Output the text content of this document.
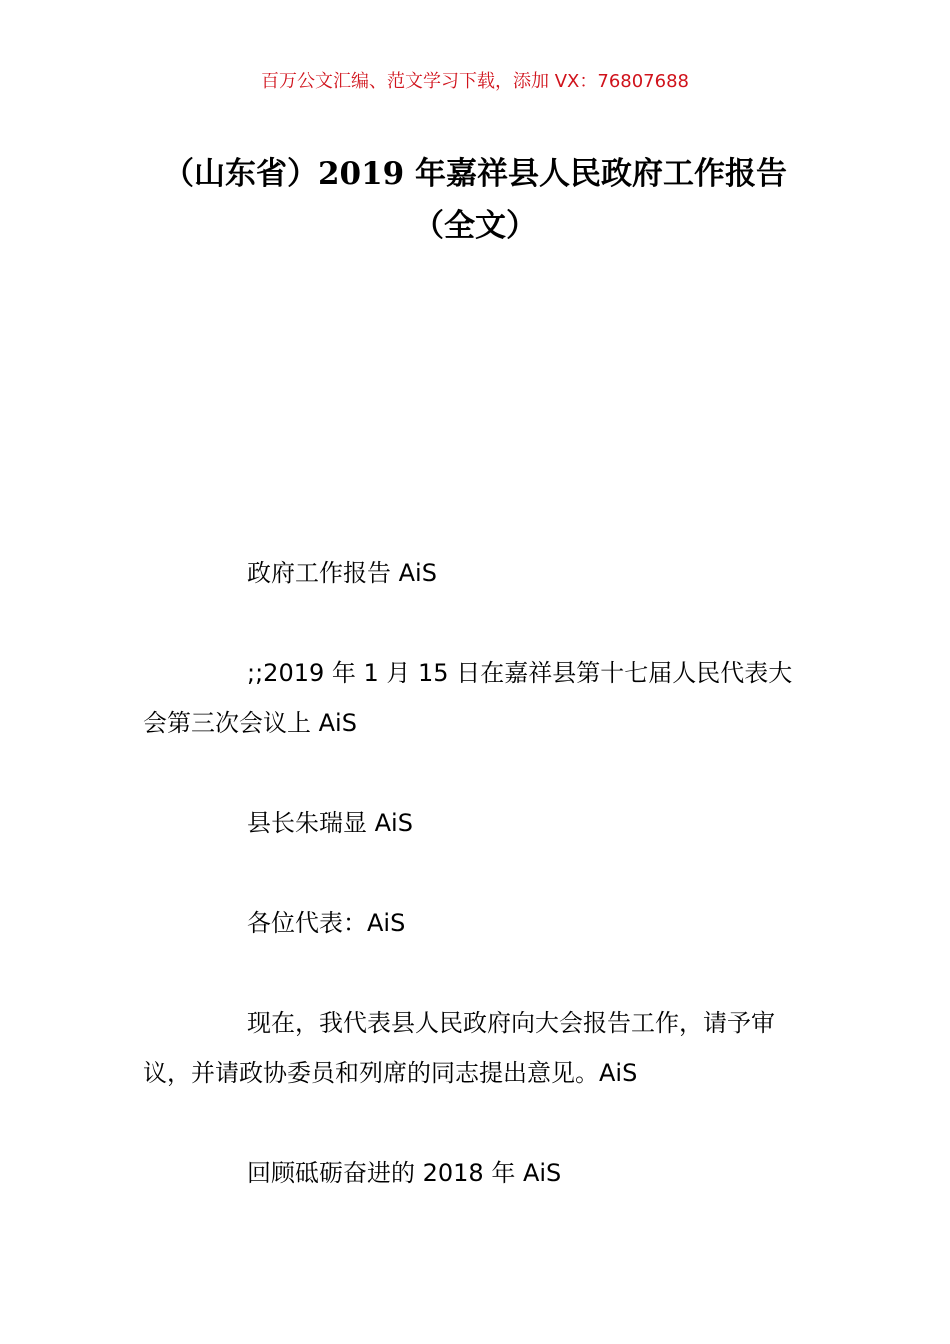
百万公文汇编、范文学习下载，添加 VX：76807688
（山东省）2019 年嘉祥县人民政府工作报告（全文）

政府工作报告 AiS

;;2019 年 1 月 15 日在嘉祥县第十七届人民代表大会第三次会议上 AiS

县长朱瑞显 AiS

各位代表：AiS

现在，我代表县人民政府向大会报告工作，请予审议，并请政协委员和列席的同志提出意见。AiS

回顾砥砺奋进的 2018 年 AiS
